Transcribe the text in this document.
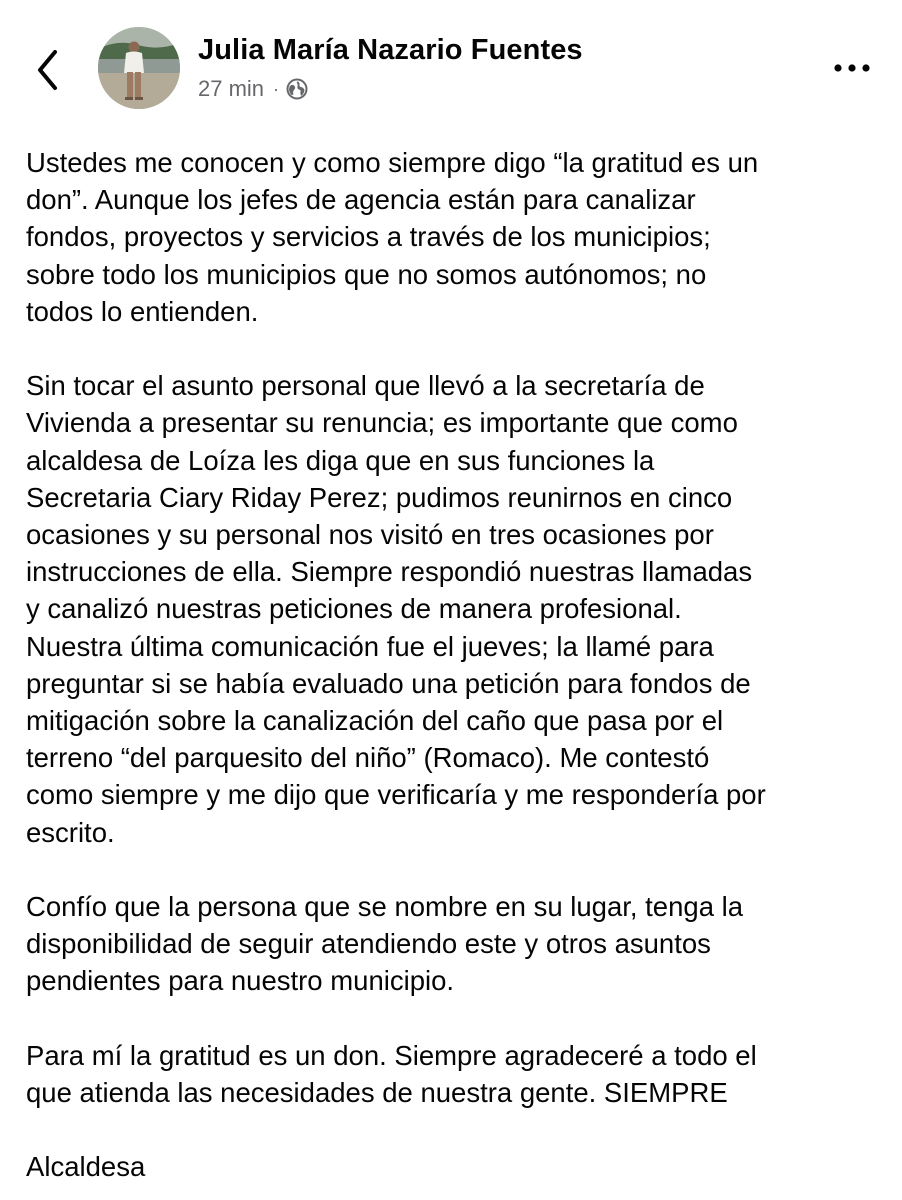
Julia María Nazario Fuentes
27 min ·

Ustedes me conocen y como siempre digo “la gratitud es un
don”. Aunque los jefes de agencia están para canalizar
fondos, proyectos y servicios a través de los municipios;
sobre todo los municipios que no somos autónomos; no
todos lo entienden.

Sin tocar el asunto personal que llevó a la secretaría de
Vivienda a presentar su renuncia; es importante que como
alcaldesa de Loíza les diga que en sus funciones la
Secretaria Ciary Riday Perez; pudimos reunirnos en cinco
ocasiones y su personal nos visitó en tres ocasiones por
instrucciones de ella. Siempre respondió nuestras llamadas
y canalizó nuestras peticiones de manera profesional.
Nuestra última comunicación fue el jueves; la llamé para
preguntar si se había evaluado una petición para fondos de
mitigación sobre la canalización del caño que pasa por el
terreno “del parquesito del niño” (Romaco). Me contestó
como siempre y me dijo que verificaría y me respondería por
escrito.

Confío que la persona que se nombre en su lugar, tenga la
disponibilidad de seguir atendiendo este y otros asuntos
pendientes para nuestro municipio.

Para mí la gratitud es un don. Siempre agradeceré a todo el
que atienda las necesidades de nuestra gente. SIEMPRE

Alcaldesa
